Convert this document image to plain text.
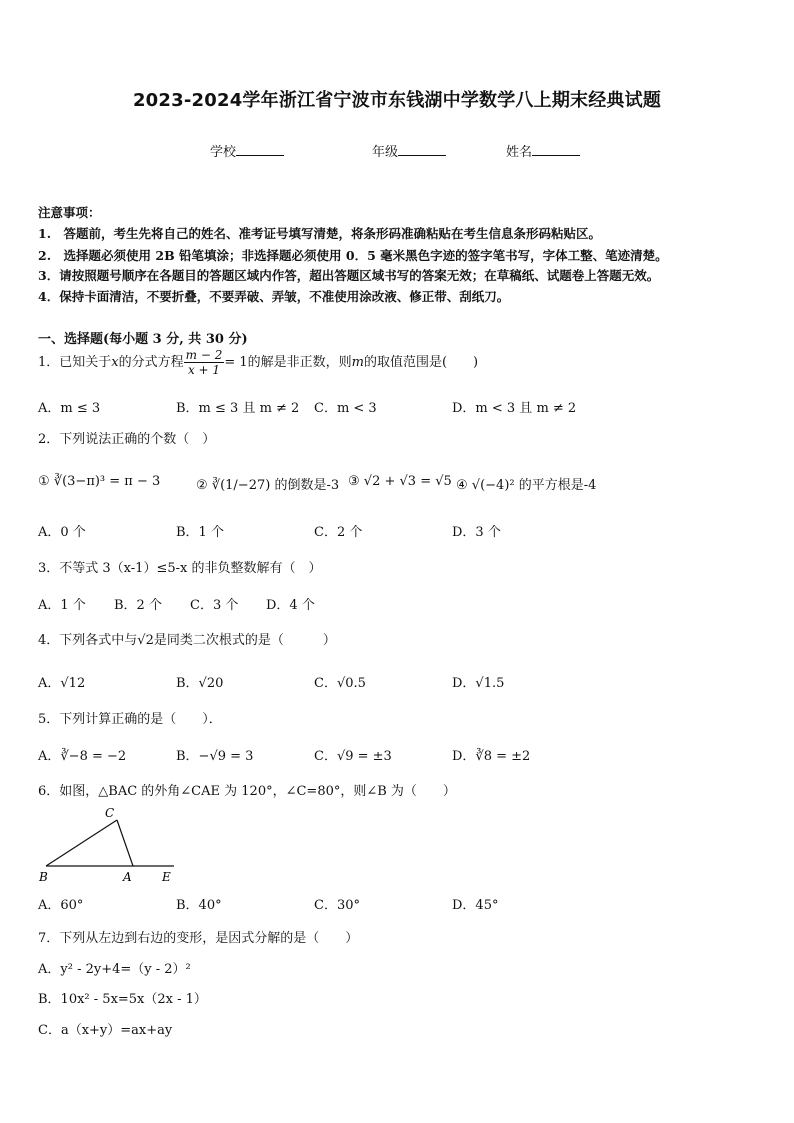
2023-2024学年浙江省宁波市东钱湖中学数学八上期末经典试题
学校	年级	姓名
注意事项：
1.　答题前，考生先将自己的姓名、准考证号填写清楚，将条形码准确粘贴在考生信息条形码粘贴区。
2.　选择题必须使用 2B 铅笔填涂；非选择题必须使用 0．5 毫米黑色字迹的签字笔书写，字体工整、笔迹清楚。
3．请按照题号顺序在各题目的答题区域内作答，超出答题区域书写的答案无效；在草稿纸、试题卷上答题无效。
4．保持卡面清洁，不要折叠，不要弄破、弄皱，不准使用涂改液、修正带、刮纸刀。
一、选择题(每小题 3 分, 共 30 分)
1．已知关于x的分式方程 $\frac{m - 2}{x + 1} = 1$的解是非正数，则m的取值范围是(　　)
A．m ≤ 3	B．m ≤ 3 且 m ≠ 2 C．m < 3	D．m < 3 且 m ≠ 2
2．下列说法正确的个数（　）
① ∛(3−π)³ = π − 3	② ∛(1/−27) 的倒数是-3 ③ √2 + √3 = √5 ④ √(−4)² 的平方根是-4
A．0 个	B．1 个	C．2 个	D．3 个
3．不等式 3（x-1）≤5-x 的非负整数解有（　）
A．1 个 B．2 个 C．3 个 D．4 个
4．下列各式中与√2是同类二次根式的是（　　　）
A．√12	B．√20	C．√0.5	D．√1.5
5．下列计算正确的是（　　）．
A．∛−8 = −2	B．−√9 = 3	C．√9 = ±3	D．∛8 = ±2
6．如图，△BAC 的外角∠CAE 为 120°，∠C=80°，则∠B 为（　　）
C
B	A	E
A．60°	B．40°	C．30°	D．45°
7．下列从左边到右边的变形，是因式分解的是（　　）
A．y² - 2y+4=（y - 2）²
B．10x² - 5x=5x（2x - 1）
C．a（x+y）=ax+ay
